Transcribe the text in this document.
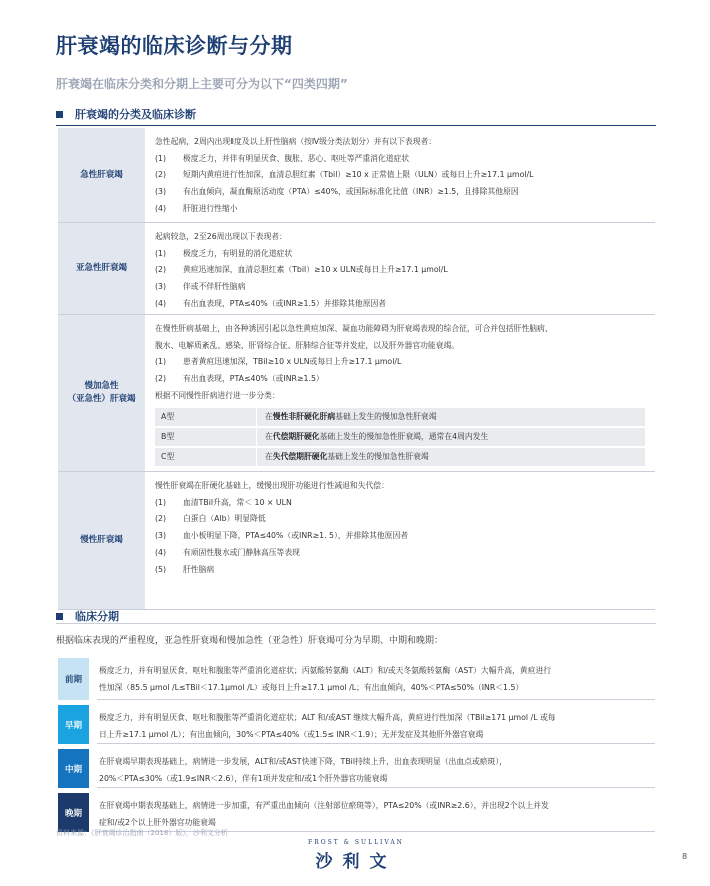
肝衰竭的临床诊断与分期
肝衰竭在临床分类和分期上主要可分为以下“四类四期”
肝衰竭的分类及临床诊断
急性肝衰竭
急性起病，2周内出现Ⅱ度及以上肝性脑病（按Ⅳ级分类法划分）并有以下表现者：
(1)	极度乏力，并伴有明显厌食、腹胀、恶心、呕吐等严重消化道症状
(2)	短期内黄疸进行性加深，血清总胆红素（Tbil）≥10 x 正常值上限（ULN）或每日上升≥17.1 μmol/L
(3)	有出血倾向，凝血酶原活动度（PTA）≤40%，或国际标准化比值（INR）≥1.5，且排除其他原因
(4)	肝脏进行性缩小
亚急性肝衰竭
起病较急，2至26周出现以下表现者：
(1)	极度乏力，有明显的消化道症状
(2)	黄疸迅速加深，血清总胆红素（Tbil）≥10 x ULN或每日上升≥17.1 μmol/L
(3)	伴或不伴肝性脑病
(4)	有出血表现，PTA≤40%（或INR≥1.5）并排除其他原因者
慢加急性
（亚急性）肝衰竭
在慢性肝病基础上，由各种诱因引起以急性黄疸加深、凝血功能障碍为肝衰竭表现的综合征，可合并包括肝性脑病、
腹水、电解质紊乱、感染、肝肾综合征、肝肺综合征等并发症，以及肝外器官功能衰竭。
(1)	患者黄疸迅速加深，TBil≥10 x ULN或每日上升≥17.1 μmol/L
(2)	有出血表现，PTA≤40%（或INR≥1.5）
根据不同慢性肝病进行进一步分类：
A型	在慢性非肝硬化肝病基础上发生的慢加急性肝衰竭
B型	在代偿期肝硬化基础上发生的慢加急性肝衰竭，通常在4周内发生
C型	在失代偿期肝硬化基础上发生的慢加急性肝衰竭
慢性肝衰竭
慢性肝衰竭在肝硬化基础上，缓慢出现肝功能进行性减退和失代偿：
(1)	血清TBil升高，常＜ 10 × ULN
(2)	白蛋白（Alb）明显降低
(3)	血小板明显下降，PTA≤40%（或INR≥1. 5），并排除其他原因者
(4)	有顽固性腹水或门静脉高压等表现
(5)	肝性脑病
临床分期
根据临床表现的严重程度，亚急性肝衰竭和慢加急性（亚急性）肝衰竭可分为早期、中期和晚期：
前期
极度乏力，并有明显厌食、呕吐和腹胀等严重消化道症状；丙氨酸转氨酶（ALT）和/或天冬氨酸转氨酶（AST）大幅升高，黄疸进行
性加深（85.5 μmol /L≤TBil＜17.1μmol /L）或每日上升≥17.1 μmol /L；有出血倾向，40%＜PTA≤50%（INR＜1.5）
早期
极度乏力，并有明显厌食、呕吐和腹胀等严重消化道症状；ALT 和/或AST 继续大幅升高，黄疸进行性加深（TBil≥171 μmol /L 或每
日上升≥17.1 μmol /L）；有出血倾向，30%＜PTA≤40%（或1.5≤ INR＜1.9）；无并发症及其他肝外器官衰竭
中期
在肝衰竭早期表现基础上，病情进一步发展，ALT和/或AST快速下降，TBil持续上升，出血表现明显（出血点或瘀斑），
20%＜PTA≤30%（或1.9≤INR＜2.6），伴有1项并发症和/或1个肝外器官功能衰竭
晚期
在肝衰竭中期表现基础上，病情进一步加重，有严重出血倾向（注射部位瘀斑等），PTA≤20%（或INR≥2.6），并出现2个以上并发
症和/或2个以上肝外器官功能衰竭
资料来源：《肝衰竭诊治指南（2018）版》，沙利文分析
FROST & SULLIVAN
沙利文	8
